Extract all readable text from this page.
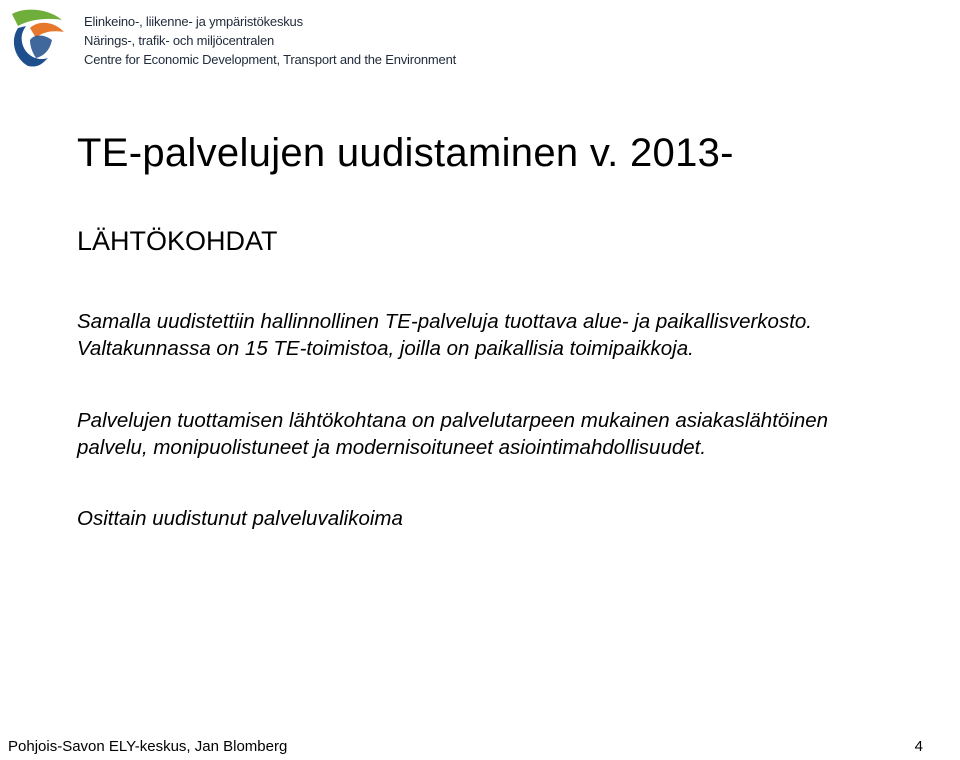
Elinkeino-, liikenne- ja ympäristökeskus
Närings-, trafik- och miljöcentralen
Centre for Economic Development, Transport and the Environment
TE-palvelujen uudistaminen v. 2013-
LÄHTÖKOHDAT

Samalla uudistettiin hallinnollinen TE-palveluja tuottava alue- ja paikallisverkosto.
Valtakunnassa on 15 TE-toimistoa, joilla on paikallisia toimipaikkoja.

Palvelujen tuottamisen lähtökohtana on palvelutarpeen mukainen asiakaslähtöinen
palvelu, monipuolistuneet ja modernisoituneet asiointimahdollisuudet.

Osittain uudistunut palveluvalikoima

Pohjois-Savon ELY-keskus, Jan Blomberg	4
